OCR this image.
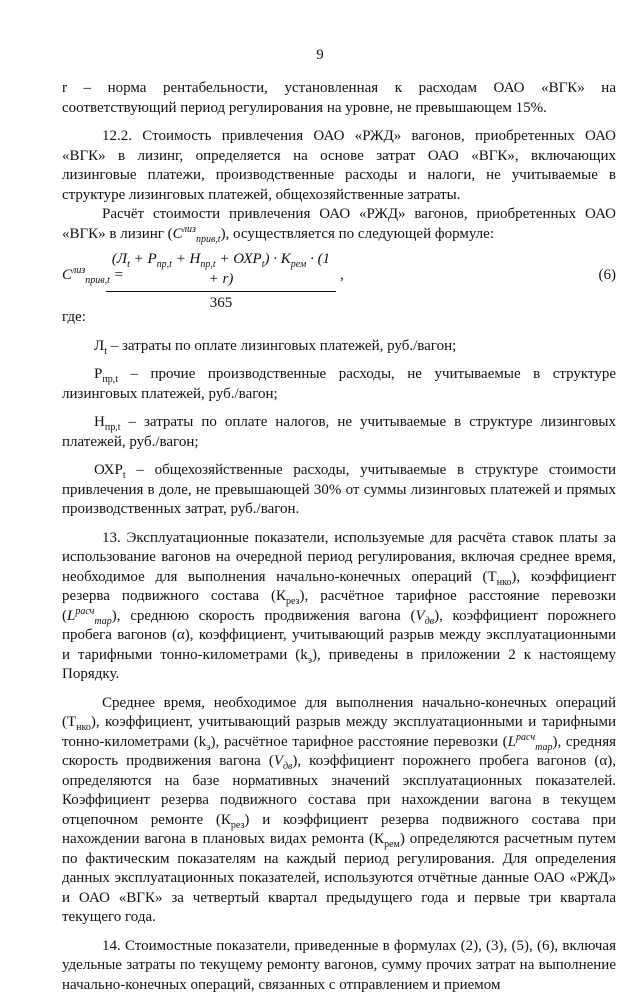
9

r – норма рентабельности, установленная к расходам ОАО «ВГК» на соответствующий период регулирования на уровне, не превышающем 15%.

12.2. Стоимость привлечения ОАО «РЖД» вагонов, приобретенных ОАО «ВГК» в лизинг, определяется на основе затрат ОАО «ВГК», включающих лизинговые платежи, производственные расходы и налоги, не учитываемые в структуре лизинговых платежей, общехозяйственные затраты.

Расчёт стоимости привлечения ОАО «РЖД» вагонов, приобретенных ОАО «ВГК» в лизинг $(C^{лиз}_{прив,t})$, осуществляется по следующей формуле:

$C^{лиз}_{прив,t}$ =
$(Л_t + Р_{пр,t} + Н_{пр,t} + ОХР_t) \cdot К_{рем} \cdot (1 + r)$
365
,	(6)

где:

$Л_t$ – затраты по оплате лизинговых платежей, руб./вагон;

$Р_{пр,t}$ – прочие производственные расходы, не учитываемые в структуре лизинговых платежей, руб./вагон;

$Н_{пр,t}$ – затраты по оплате налогов, не учитываемые в структуре лизинговых платежей, руб./вагон;

$ОХР_t$ – общехозяйственные расходы, учитываемые в структуре стоимости привлечения в доле, не превышающей 30% от суммы лизинговых платежей и прямых производственных затрат, руб./вагон.

13. Эксплуатационные показатели, используемые для расчёта ставок платы за использование вагонов на очередной период регулирования, включая среднее время, необходимое для выполнения начально-конечных операций $(Т_{нко})$, коэффициент резерва подвижного состава $(К_{рез})$, расчётное тарифное расстояние перевозки $(L^{расч}_{тар})$, среднюю скорость продвижения вагона $(V_{дв})$, коэффициент порожнего пробега вагонов (α), коэффициент, учитывающий разрыв между эксплуатационными и тарифными тонно-километрами $(k_э)$, приведены в приложении 2 к настоящему Порядку.

Среднее время, необходимое для выполнения начально-конечных операций $(Т_{нко})$, коэффициент, учитывающий разрыв между эксплуатационными и тарифными тонно-километрами $(k_э)$, расчётное тарифное расстояние перевозки $(L^{расч}_{тар})$, средняя скорость продвижения вагона $(V_{дв})$, коэффициент порожнего пробега вагонов (α), определяются на базе нормативных значений эксплуатационных показателей. Коэффициент резерва подвижного состава при нахождении вагона в текущем отцепочном ремонте $(К_{рез})$ и коэффициент резерва подвижного состава при нахождении вагона в плановых видах ремонта $(К_{рем})$ определяются расчетным путем по фактическим показателям на каждый период регулирования. Для определения данных эксплуатационных показателей, используются отчётные данные ОАО «РЖД» и ОАО «ВГК» за четвертый квартал предыдущего года и первые три квартала текущего года.

14. Стоимостные показатели, приведенные в формулах (2), (3), (5), (6), включая удельные затраты по текущему ремонту вагонов, сумму прочих затрат на выполнение начально-конечных операций, связанных с отправлением и приемом
